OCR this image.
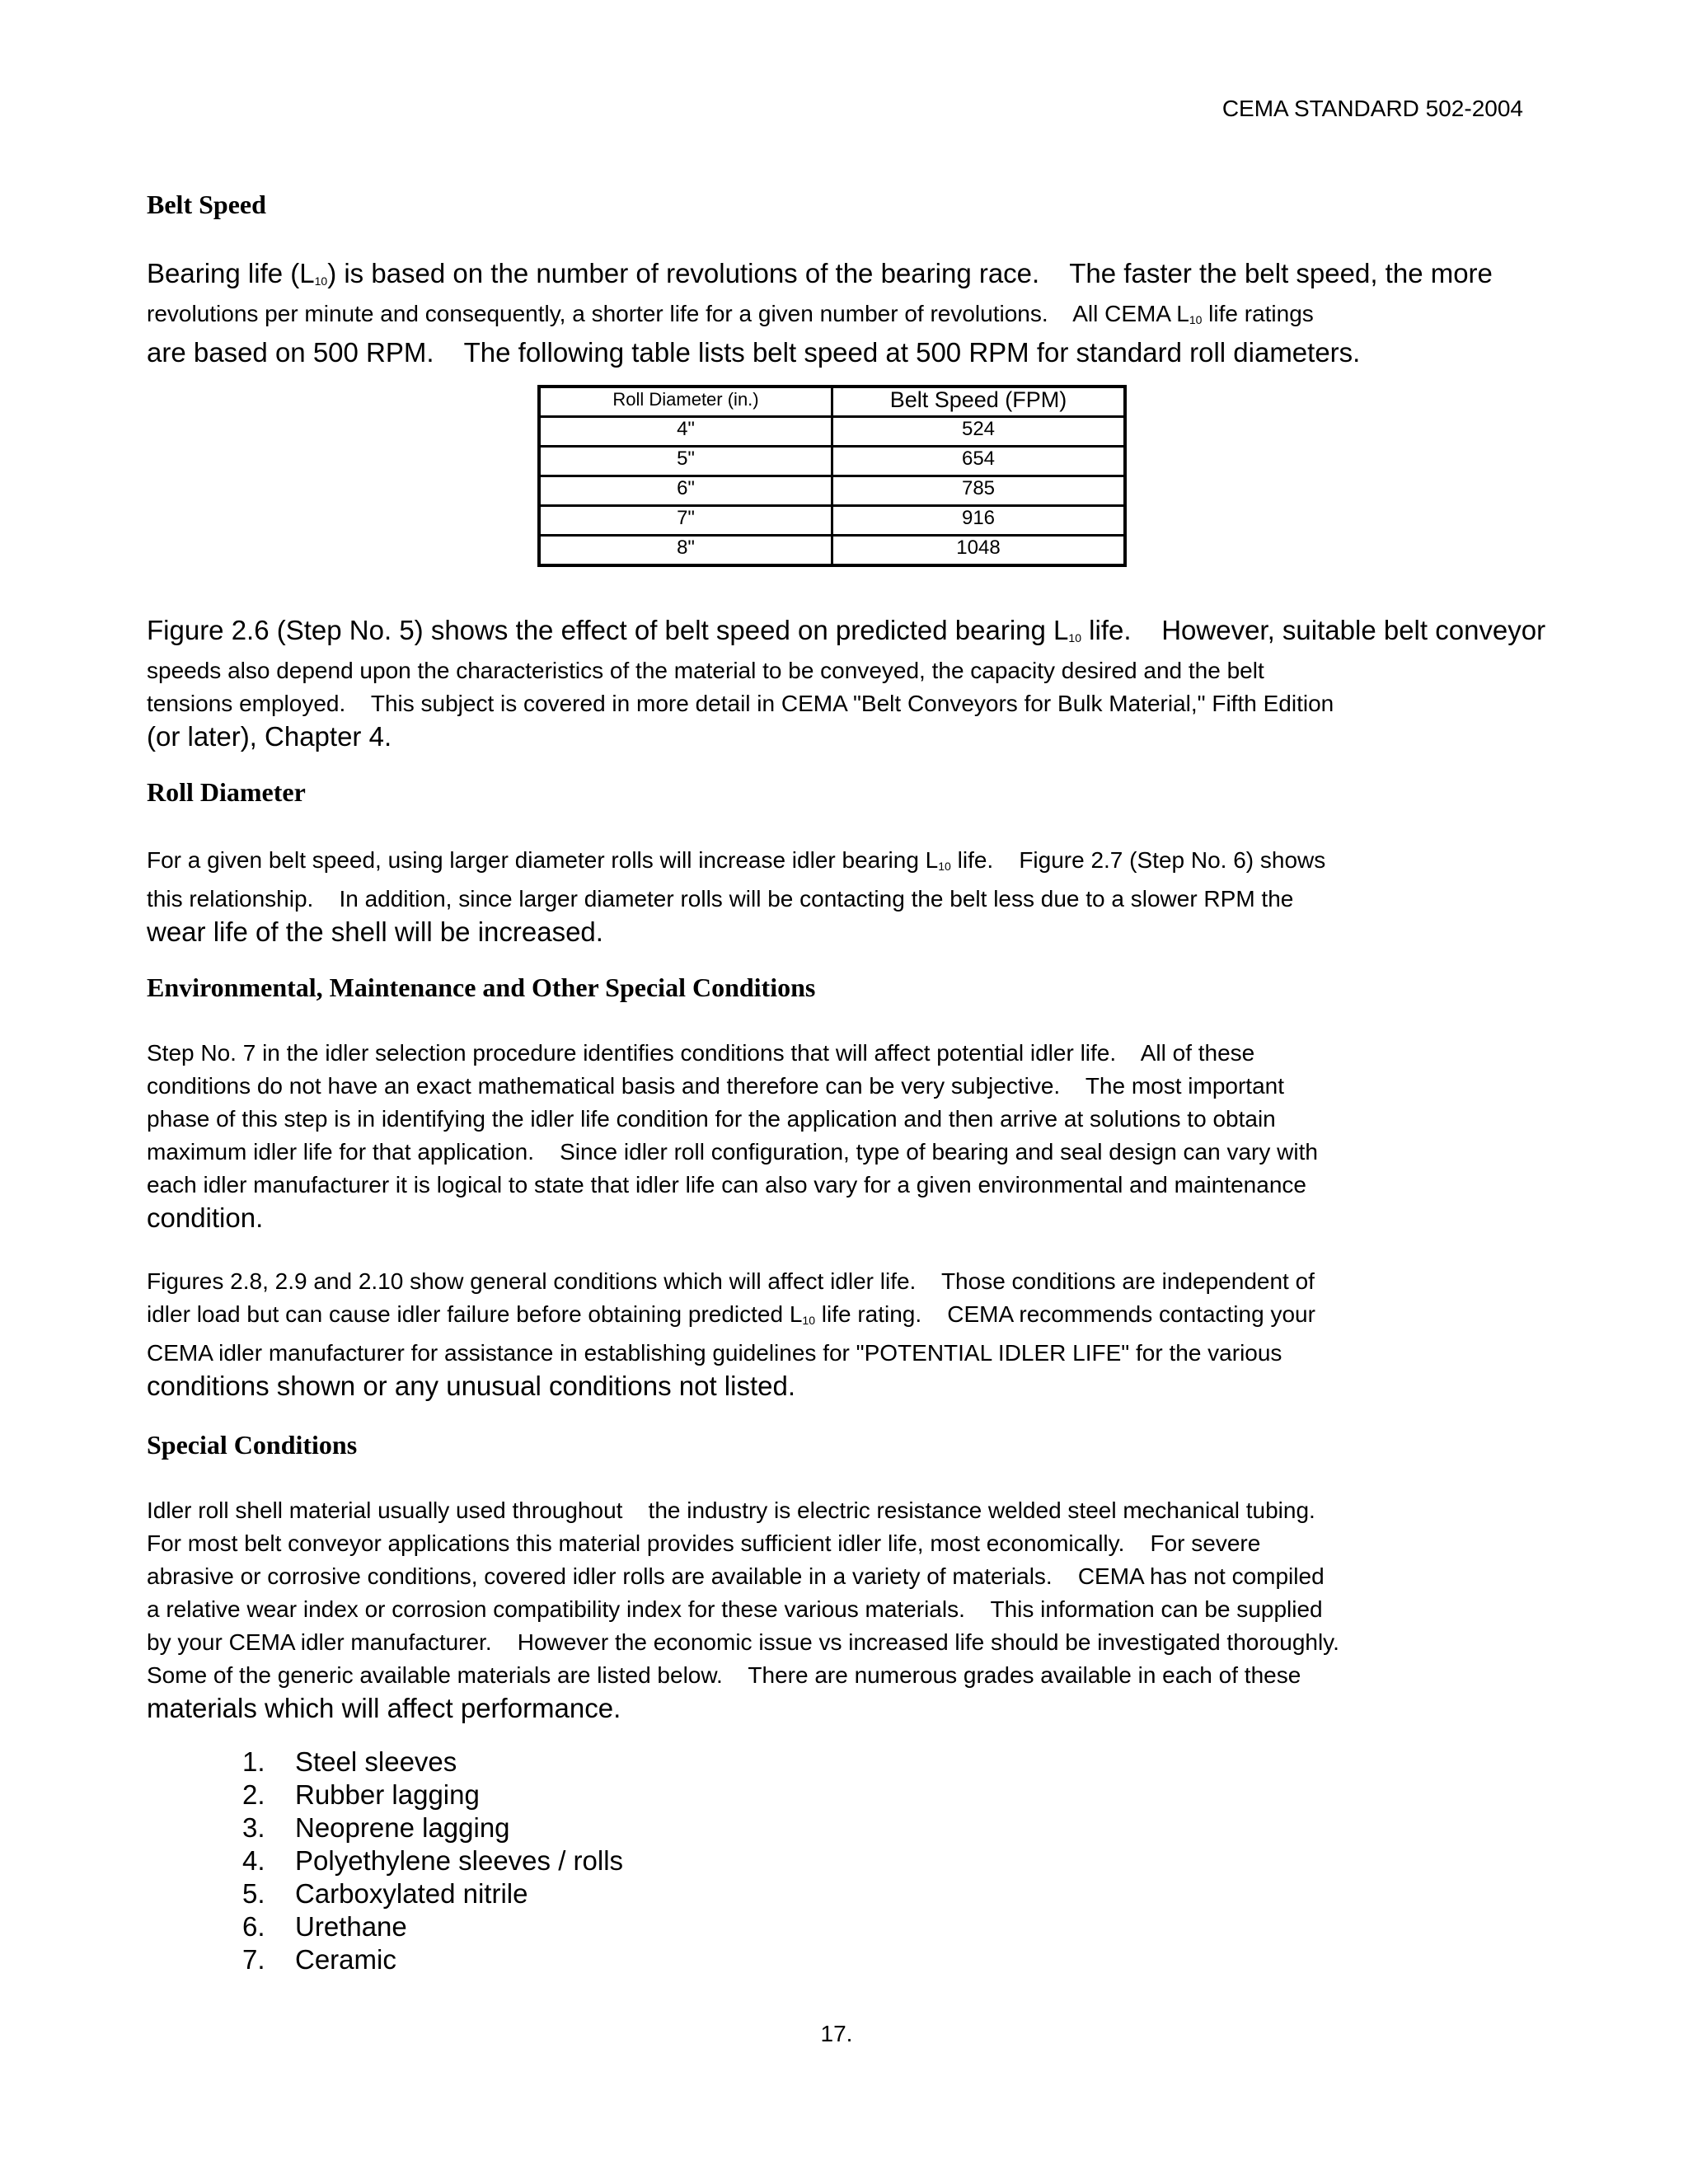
CEMA STANDARD 502-2004
Belt Speed
Bearing life $(L_{10})$ is based on the number of revolutions of the bearing race.    The faster the belt speed, the more
revolutions per minute and consequently, a shorter life for a given number of revolutions.    All CEMA $L_{10}$ life ratings
are based on 500 RPM.    The following table lists belt speed at 500 RPM for standard roll diameters.
Roll Diameter (in.)	Belt Speed (FPM)
4"	524
5"	654
6"	785
7"	916
8"	1048
Figure 2.6 (Step No. 5) shows the effect of belt speed on predicted bearing $L_{10}$ life.    However, suitable belt conveyor
speeds also depend upon the characteristics of the material to be conveyed, the capacity desired and the belt
tensions employed.    This subject is covered in more detail in CEMA "Belt Conveyors for Bulk Material," Fifth Edition
(or later), Chapter 4.
Roll Diameter
For a given belt speed, using larger diameter rolls will increase idler bearing $L_{10}$ life.    Figure 2.7 (Step No. 6) shows
this relationship.    In addition, since larger diameter rolls will be contacting the belt less due to a slower RPM the
wear life of the shell will be increased.
Environmental, Maintenance and Other Special Conditions
Step No. 7 in the idler selection procedure identifies conditions that will affect potential idler life.    All of these
conditions do not have an exact mathematical basis and therefore can be very subjective.    The most important
phase of this step is in identifying the idler life condition for the application and then arrive at solutions to obtain
maximum idler life for that application.    Since idler roll configuration, type of bearing and seal design can vary with
each idler manufacturer it is logical to state that idler life can also vary for a given environmental and maintenance
condition.
Figures 2.8, 2.9 and 2.10 show general conditions which will affect idler life.    Those conditions are independent of
idler load but can cause idler failure before obtaining predicted $L_{10}$ life rating.    CEMA recommends contacting your
CEMA idler manufacturer for assistance in establishing guidelines for "POTENTIAL IDLER LIFE" for the various
conditions shown or any unusual conditions not listed.
Special Conditions
Idler roll shell material usually used throughout    the industry is electric resistance welded steel mechanical tubing.
For most belt conveyor applications this material provides sufficient idler life, most economically.    For severe
abrasive or corrosive conditions, covered idler rolls are available in a variety of materials.    CEMA has not compiled
a relative wear index or corrosion compatibility index for these various materials.    This information can be supplied
by your CEMA idler manufacturer.    However the economic issue vs increased life should be investigated thoroughly.
Some of the generic available materials are listed below.    There are numerous grades available in each of these
materials which will affect performance.
1. Steel sleeves
2. Rubber lagging
3. Neoprene lagging
4. Polyethylene sleeves / rolls
5. Carboxylated nitrile
6. Urethane
7. Ceramic
17.
